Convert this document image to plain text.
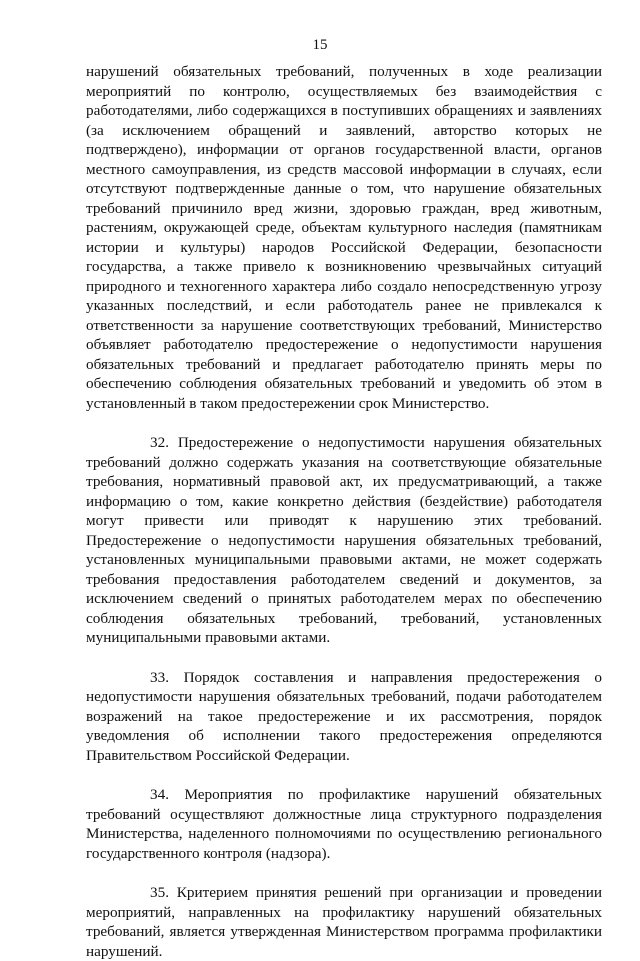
15

нарушений обязательных требований, полученных в ходе реализации мероприятий по контролю, осуществляемых без взаимодействия с работодателями, либо содержащихся в поступивших обращениях и заявлениях (за исключением обращений и заявлений, авторство которых не подтверждено), информации от органов государственной власти, органов местного самоуправления, из средств массовой информации в случаях, если отсутствуют подтвержденные данные о том, что нарушение обязательных требований причинило вред жизни, здоровью граждан, вред животным, растениям, окружающей среде, объектам культурного наследия (памятникам истории и культуры) народов Российской Федерации, безопасности государства, а также привело к возникновению чрезвычайных ситуаций природного и техногенного характера либо создало непосредственную угрозу указанных последствий, и если работодатель ранее не привлекался к ответственности за нарушение соответствующих требований, Министерство объявляет работодателю предостережение о недопустимости нарушения обязательных требований и предлагает работодателю принять меры по обеспечению соблюдения обязательных требований и уведомить об этом в установленный в таком предостережении срок Министерство.

32. Предостережение о недопустимости нарушения обязательных требований должно содержать указания на соответствующие обязательные требования, нормативный правовой акт, их предусматривающий, а также информацию о том, какие конкретно действия (бездействие) работодателя могут привести или приводят к нарушению этих требований. Предостережение о недопустимости нарушения обязательных требований, установленных муниципальными правовыми актами, не может содержать требования предоставления работодателем сведений и документов, за исключением сведений о принятых работодателем мерах по обеспечению соблюдения обязательных требований, требований, установленных муниципальными правовыми актами.

33. Порядок составления и направления предостережения о недопустимости нарушения обязательных требований, подачи работодателем возражений на такое предостережение и их рассмотрения, порядок уведомления об исполнении такого предостережения определяются Правительством Российской Федерации.

34. Мероприятия по профилактике нарушений обязательных требований осуществляют должностные лица структурного подразделения Министерства, наделенного полномочиями по осуществлению регионального государственного контроля (надзора).

35. Критерием принятия решений при организации и проведении мероприятий, направленных на профилактику нарушений обязательных требований, является утвержденная Министерством программа профилактики нарушений.
